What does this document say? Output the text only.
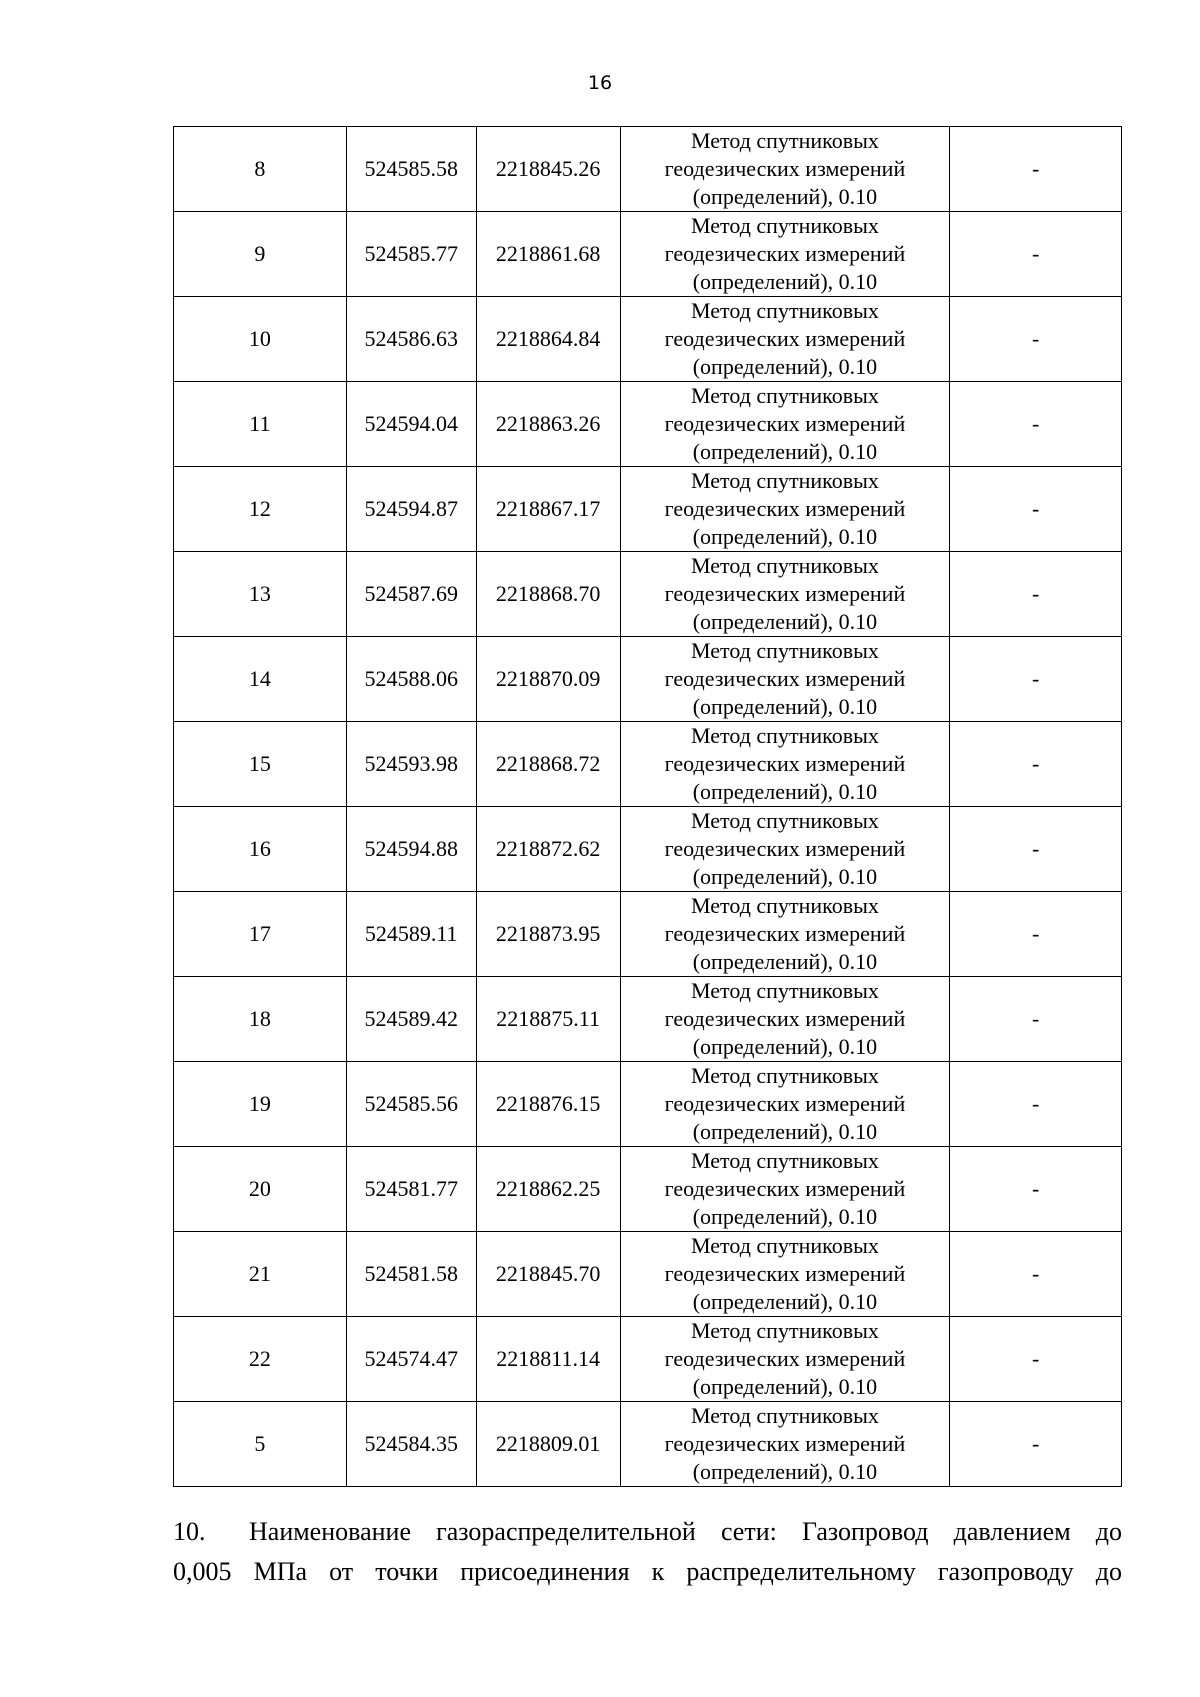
16
8	524585.58	2218845.26	Метод спутниковых
геодезических измерений
(определений), 0.10	-
9	524585.77	2218861.68	Метод спутниковых
геодезических измерений
(определений), 0.10	-
10	524586.63	2218864.84	Метод спутниковых
геодезических измерений
(определений), 0.10	-
11	524594.04	2218863.26	Метод спутниковых
геодезических измерений
(определений), 0.10	-
12	524594.87	2218867.17	Метод спутниковых
геодезических измерений
(определений), 0.10	-
13	524587.69	2218868.70	Метод спутниковых
геодезических измерений
(определений), 0.10	-
14	524588.06	2218870.09	Метод спутниковых
геодезических измерений
(определений), 0.10	-
15	524593.98	2218868.72	Метод спутниковых
геодезических измерений
(определений), 0.10	-
16	524594.88	2218872.62	Метод спутниковых
геодезических измерений
(определений), 0.10	-
17	524589.11	2218873.95	Метод спутниковых
геодезических измерений
(определений), 0.10	-
18	524589.42	2218875.11	Метод спутниковых
геодезических измерений
(определений), 0.10	-
19	524585.56	2218876.15	Метод спутниковых
геодезических измерений
(определений), 0.10	-
20	524581.77	2218862.25	Метод спутниковых
геодезических измерений
(определений), 0.10	-
21	524581.58	2218845.70	Метод спутниковых
геодезических измерений
(определений), 0.10	-
22	524574.47	2218811.14	Метод спутниковых
геодезических измерений
(определений), 0.10	-
5	524584.35	2218809.01	Метод спутниковых
геодезических измерений
(определений), 0.10	-
10. Наименование газораспределительной сети: Газопровод давлением до
0,005 МПа от точки присоединения к распределительному газопроводу до
